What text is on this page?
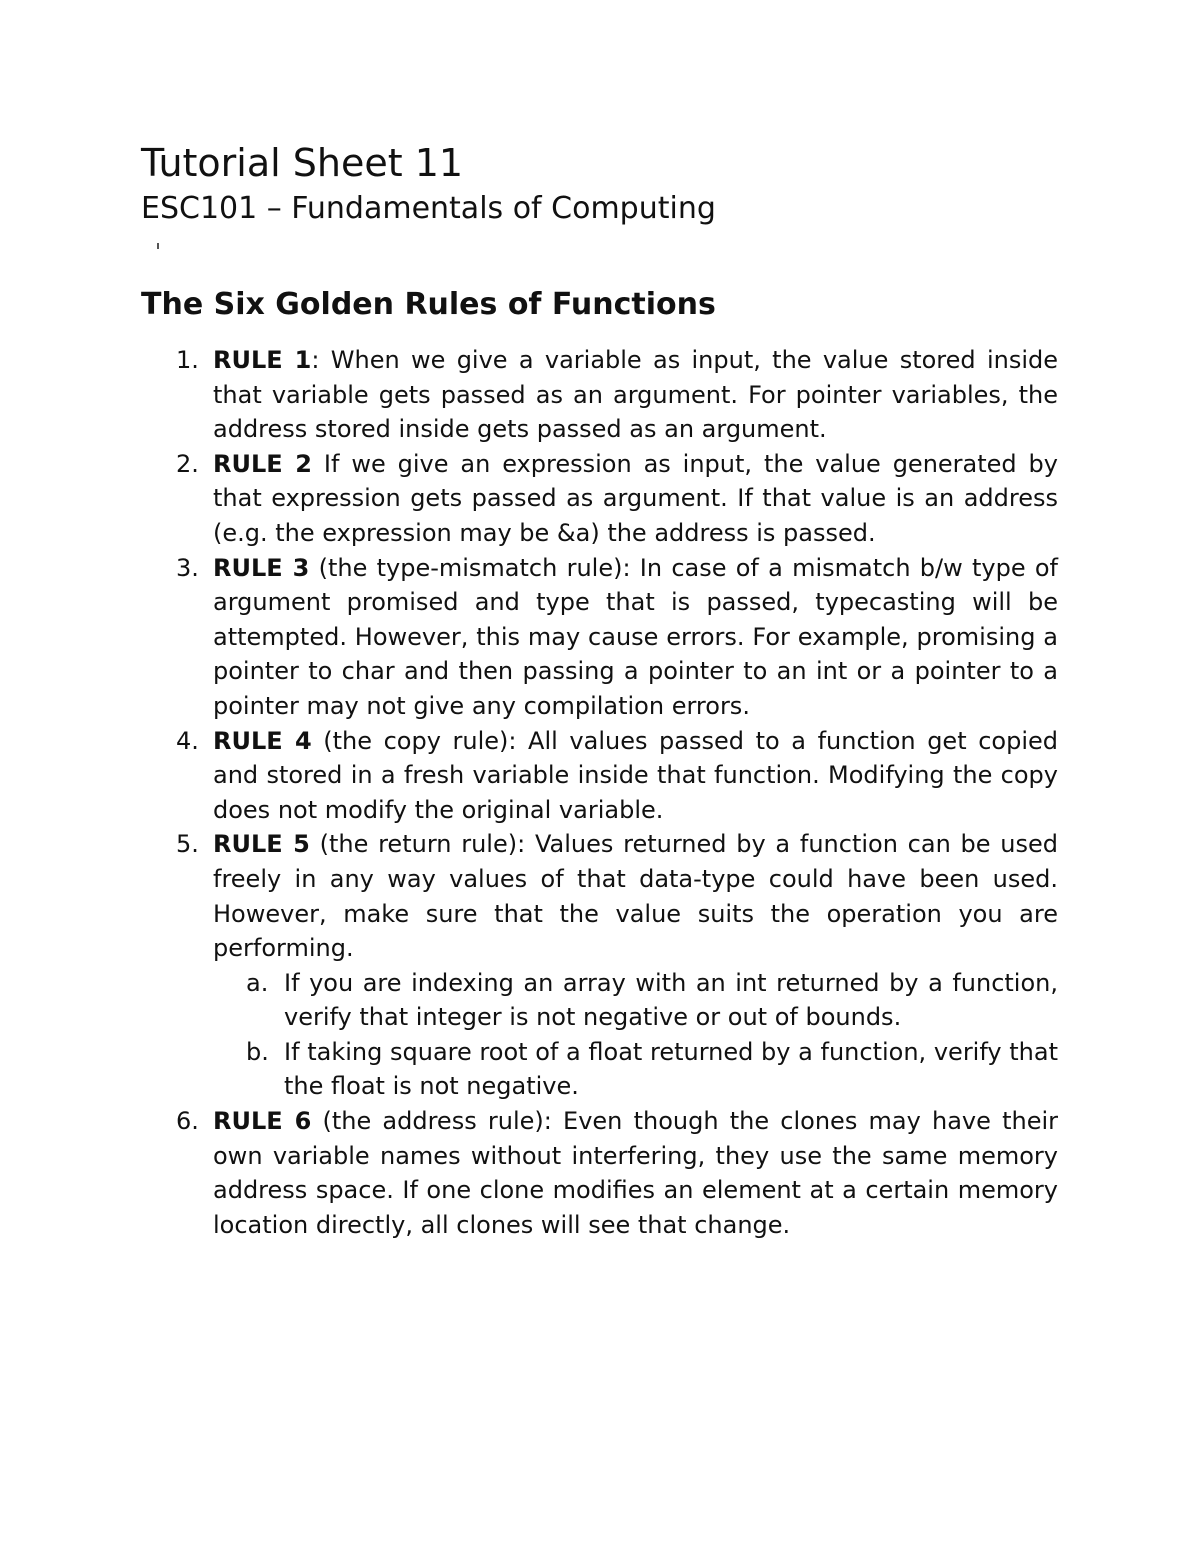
Tutorial Sheet 11
ESC101 – Fundamentals of Computing
The Six Golden Rules of Functions
1. RULE 1: When we give a variable as input, the value stored inside that variable gets passed as an argument. For pointer variables, the address stored inside gets passed as an argument.
2. RULE 2 If we give an expression as input, the value generated by that expression gets passed as argument. If that value is an address (e.g. the expression may be &a) the address is passed.
3. RULE 3 (the type-mismatch rule): In case of a mismatch b/w type of argument promised and type that is passed, typecasting will be attempted. However, this may cause errors. For example, promising a pointer to char and then passing a pointer to an int or a pointer to a pointer may not give any compilation errors.
4. RULE 4 (the copy rule): All values passed to a function get copied and stored in a fresh variable inside that function. Modifying the copy does not modify the original variable.
5. RULE 5 (the return rule): Values returned by a function can be used freely in any way values of that data-type could have been used. However, make sure that the value suits the operation you are performing.
a. If you are indexing an array with an int returned by a function, verify that integer is not negative or out of bounds.
b. If taking square root of a float returned by a function, verify that the float is not negative.
6. RULE 6 (the address rule): Even though the clones may have their own variable names without interfering, they use the same memory address space. If one clone modifies an element at a certain memory location directly, all clones will see that change.
